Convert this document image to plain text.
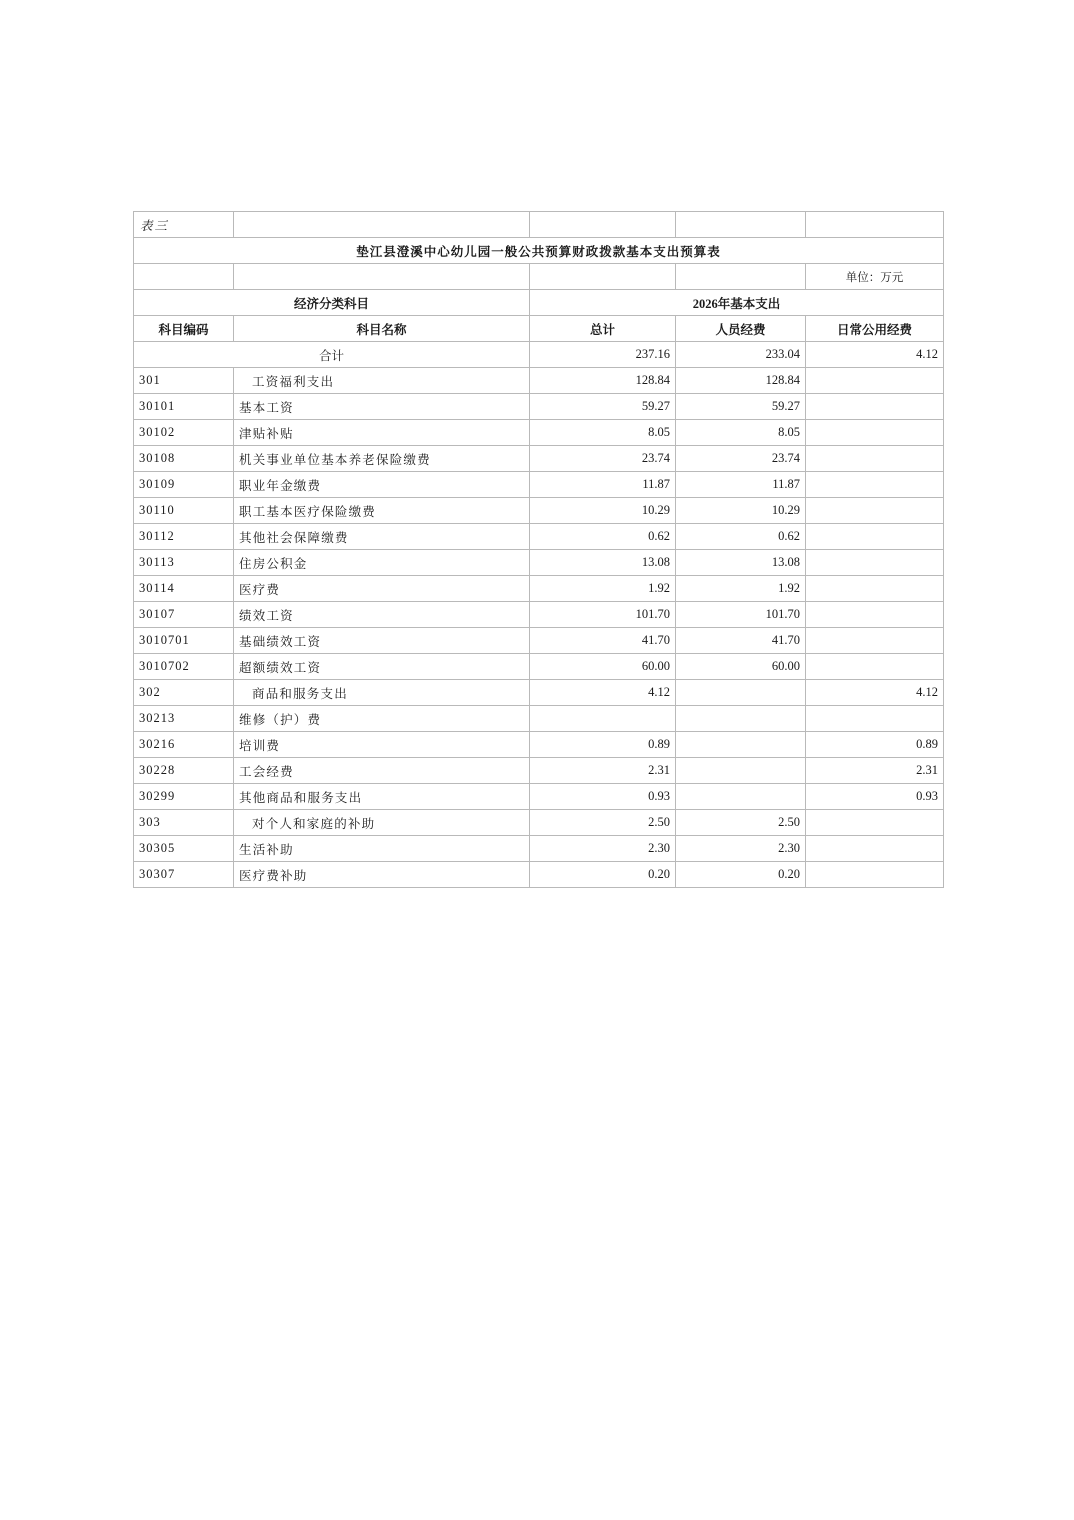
表三				
垫江县澄溪中心幼儿园一般公共预算财政拨款基本支出预算表				
				单位：万元
经济分类科目		2026年基本支出		
科目编码	科目名称	总计	人员经费	日常公用经费
合计		237.16	233.04	4.12
301	工资福利支出	128.84	128.84	
30101	基本工资	59.27	59.27	
30102	津贴补贴	8.05	8.05	
30108	机关事业单位基本养老保险缴费	23.74	23.74	
30109	职业年金缴费	11.87	11.87	
30110	职工基本医疗保险缴费	10.29	10.29	
30112	其他社会保障缴费	0.62	0.62	
30113	住房公积金	13.08	13.08	
30114	医疗费	1.92	1.92	
30107	绩效工资	101.70	101.70	
3010701	基础绩效工资	41.70	41.70	
3010702	超额绩效工资	60.00	60.00	
302	商品和服务支出	4.12		4.12
30213	维修（护）费			
30216	培训费	0.89		0.89
30228	工会经费	2.31		2.31
30299	其他商品和服务支出	0.93		0.93
303	对个人和家庭的补助	2.50	2.50	
30305	生活补助	2.30	2.30	
30307	医疗费补助	0.20	0.20	
